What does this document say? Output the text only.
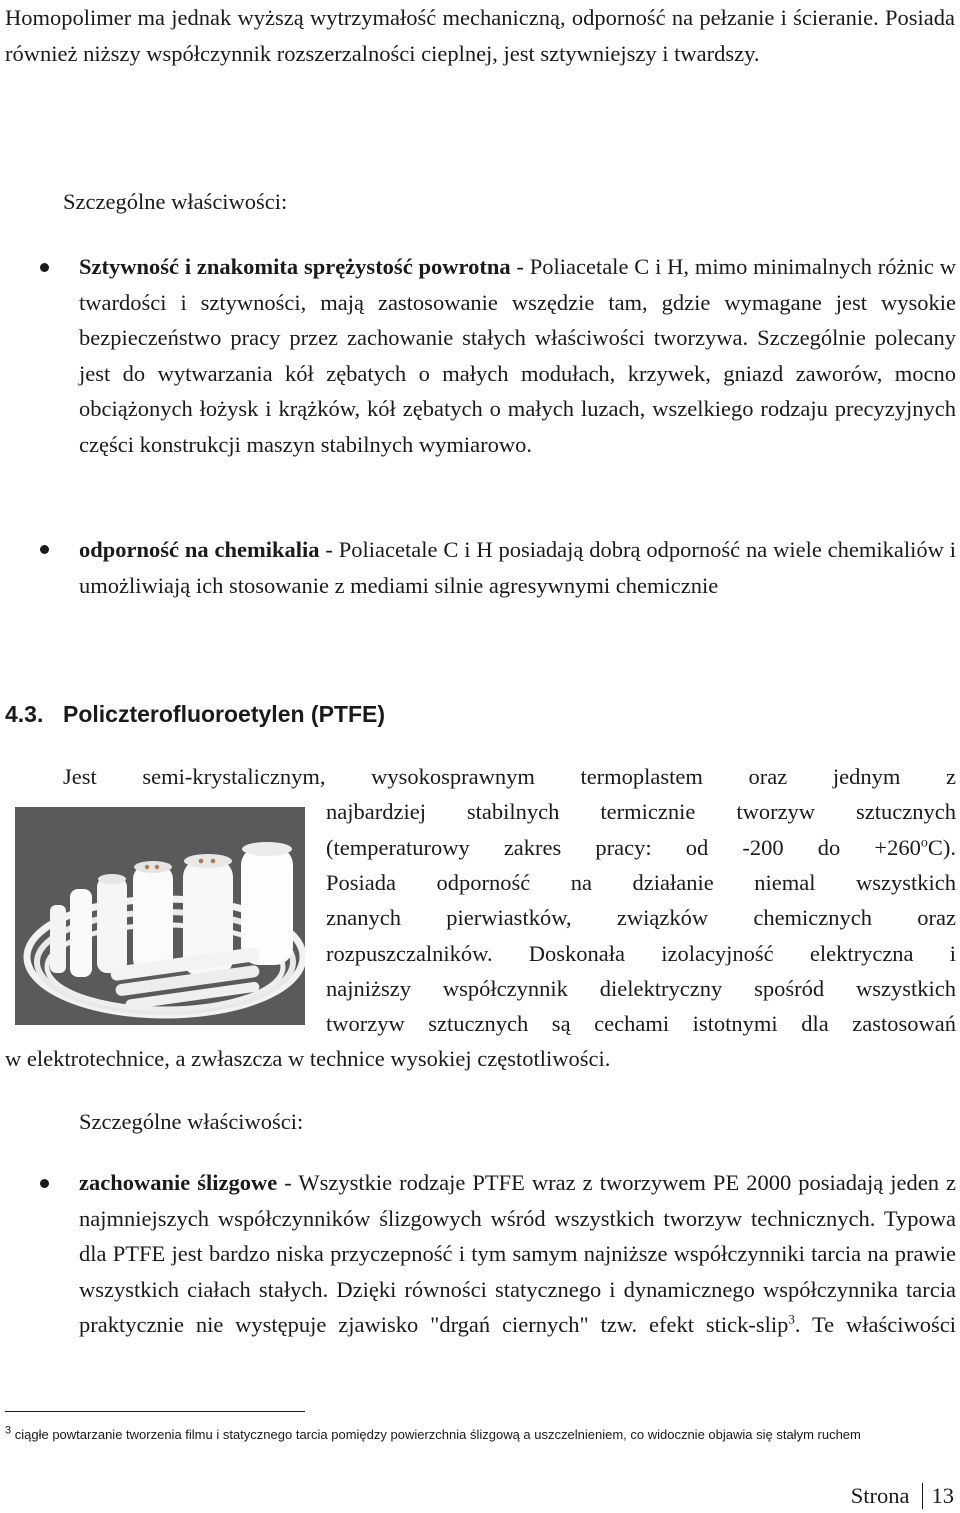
Homopolimer ma jednak wyższą wytrzymałość mechaniczną, odporność na pełzanie i ścieranie. Posiada również niższy współczynnik rozszerzalności cieplnej, jest sztywniejszy i twardszy.
Szczególne właściwości:
Sztywność i znakomita sprężystość powrotna - Poliacetale C i H, mimo minimalnych różnic w twardości i sztywności, mają zastosowanie wszędzie tam, gdzie wymagane jest wysokie bezpieczeństwo pracy przez zachowanie stałych właściwości tworzywa. Szczególnie polecany jest do wytwarzania kół zębatych o małych modułach, krzywek, gniazd zaworów, mocno obciążonych łożysk i krążków, kół zębatych o małych luzach, wszelkiego rodzaju precyzyjnych części konstrukcji maszyn stabilnych wymiarowo.
odporność na chemikalia - Poliacetale C i H posiadają dobrą odporność na wiele chemikaliów i umożliwiają ich stosowanie z mediami silnie agresywnymi chemicznie
4.3. Policzterofluoroetylen (PTFE)
Jest semi-krystalicznym, wysokosprawnym termoplastem oraz jednym z
najbardziej stabilnych termicznie tworzyw sztucznych
(temperaturowy zakres pracy: od -200 do $+260^oC$).
Posiada odporność na działanie niemal wszystkich
znanych pierwiastków, związków chemicznych oraz
rozpuszczalników. Doskonała izolacyjność elektryczna i
najniższy współczynnik dielektryczny spośród wszystkich
tworzyw sztucznych są cechami istotnymi dla zastosowań
w elektrotechnice, a zwłaszcza w technice wysokiej częstotliwości.
Szczególne właściwości:
zachowanie ślizgowe - Wszystkie rodzaje PTFE wraz z tworzywem PE 2000 posiadają jeden z najmniejszych współczynników ślizgowych wśród wszystkich tworzyw technicznych. Typowa dla PTFE jest bardzo niska przyczepność i tym samym najniższe współczynniki tarcia na prawie wszystkich ciałach stałych. Dzięki równości statycznego i dynamicznego współczynnika tarcia praktycznie nie występuje zjawisko "drgań ciernych" tzw. efekt stick-slip$^3$. Te właściwości
$^3$ ciągłe powtarzanie tworzenia filmu i statycznego tarcia pomiędzy powierzchnia ślizgową a uszczelnieniem, co widocznie objawia się stałym ruchem
Strona 13
